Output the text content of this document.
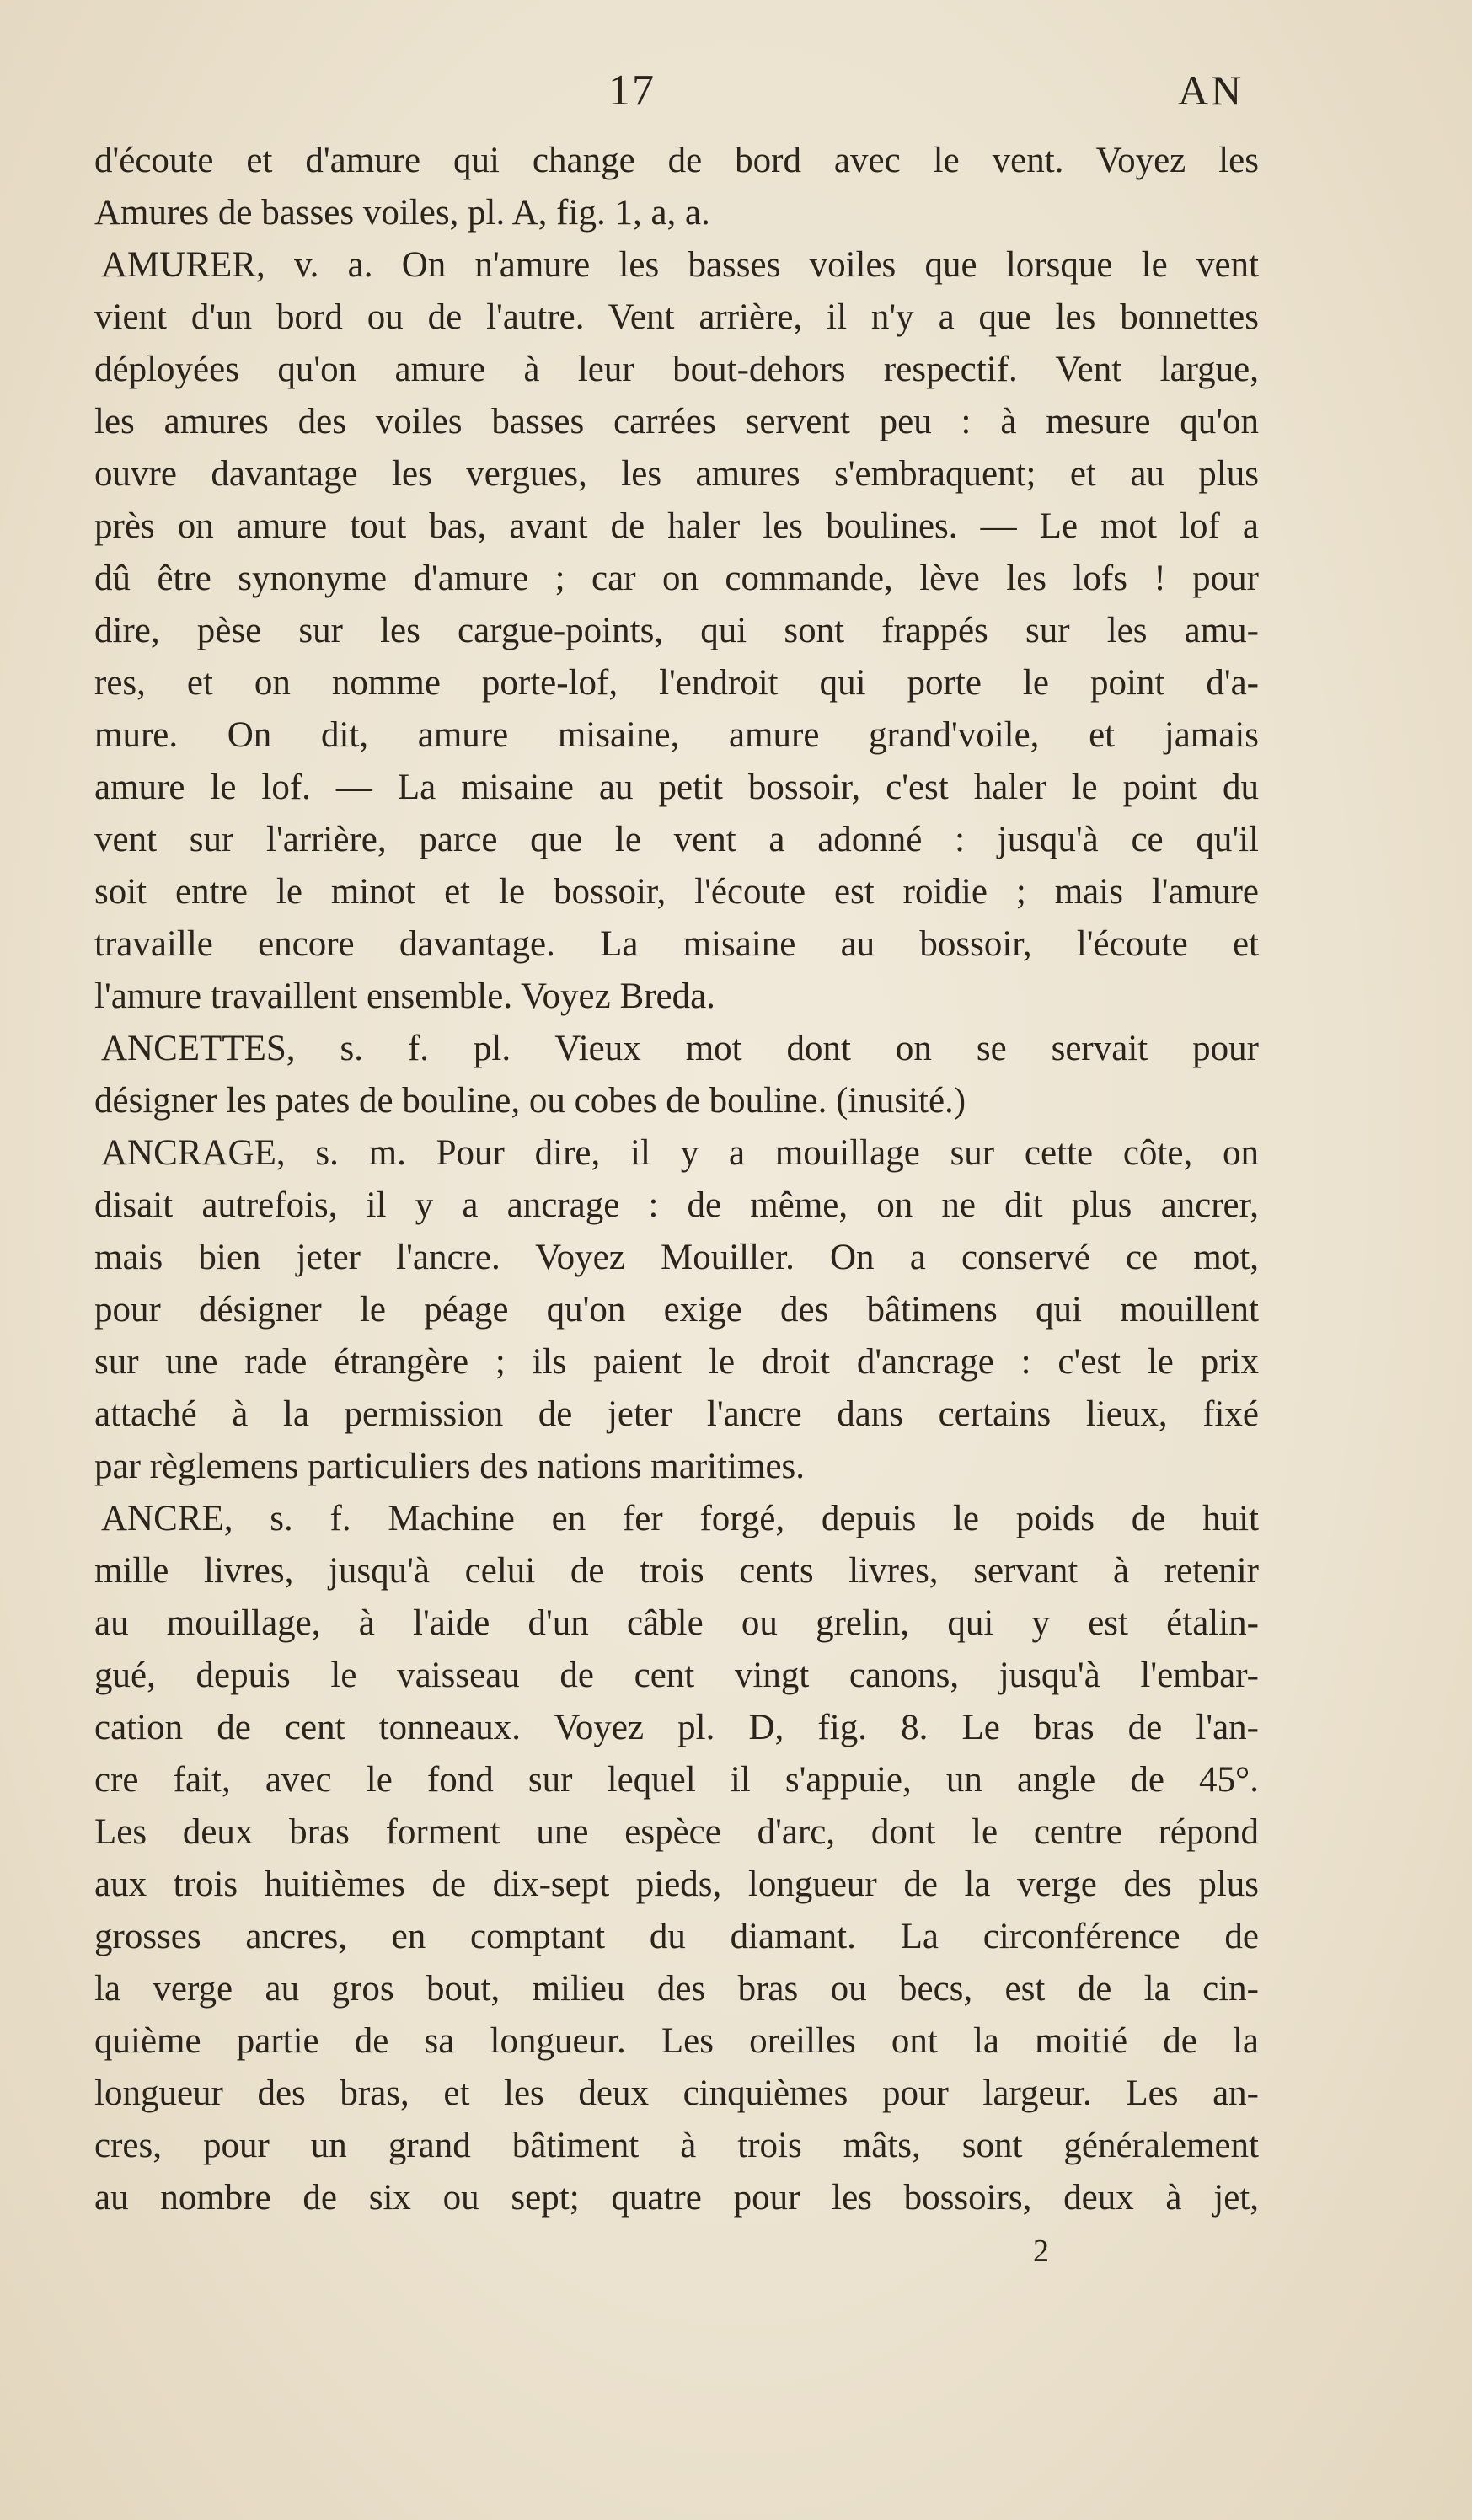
17	AN
d'écoute et d'amure qui change de bord avec le vent. Voyez les
Amures de basses voiles, pl. A, fig. 1, a, a.
AMURER, v. a. On n'amure les basses voiles que lorsque le vent
vient d'un bord ou de l'autre. Vent arrière, il n'y a que les bonnettes
déployées qu'on amure à leur bout-dehors respectif. Vent largue,
les amures des voiles basses carrées servent peu : à mesure qu'on
ouvre davantage les vergues, les amures s'embraquent; et au plus
près on amure tout bas, avant de haler les boulines. — Le mot lof a
dû être synonyme d'amure ; car on commande, lève les lofs ! pour
dire, pèse sur les cargue-points, qui sont frappés sur les amu-
res, et on nomme porte-lof, l'endroit qui porte le point d'a-
mure. On dit, amure misaine, amure grand'voile, et jamais
amure le lof. — La misaine au petit bossoir, c'est haler le point du
vent sur l'arrière, parce que le vent a adonné : jusqu'à ce qu'il
soit entre le minot et le bossoir, l'écoute est roidie ; mais l'amure
travaille encore davantage. La misaine au bossoir, l'écoute et
l'amure travaillent ensemble. Voyez Breda.
ANCETTES, s. f. pl. Vieux mot dont on se servait pour
désigner les pates de bouline, ou cobes de bouline. (inusité.)
ANCRAGE, s. m. Pour dire, il y a mouillage sur cette côte, on
disait autrefois, il y a ancrage : de même, on ne dit plus ancrer,
mais bien jeter l'ancre. Voyez Mouiller. On a conservé ce mot,
pour désigner le péage qu'on exige des bâtimens qui mouillent
sur une rade étrangère ; ils paient le droit d'ancrage : c'est le prix
attaché à la permission de jeter l'ancre dans certains lieux, fixé
par règlemens particuliers des nations maritimes.
ANCRE, s. f. Machine en fer forgé, depuis le poids de huit
mille livres, jusqu'à celui de trois cents livres, servant à retenir
au mouillage, à l'aide d'un câble ou grelin, qui y est étalin-
gué, depuis le vaisseau de cent vingt canons, jusqu'à l'embar-
cation de cent tonneaux. Voyez pl. D, fig. 8. Le bras de l'an-
cre fait, avec le fond sur lequel il s'appuie, un angle de 45°.
Les deux bras forment une espèce d'arc, dont le centre répond
aux trois huitièmes de dix-sept pieds, longueur de la verge des plus
grosses ancres, en comptant du diamant. La circonférence de
la verge au gros bout, milieu des bras ou becs, est de la cin-
quième partie de sa longueur. Les oreilles ont la moitié de la
longueur des bras, et les deux cinquièmes pour largeur. Les an-
cres, pour un grand bâtiment à trois mâts, sont généralement
au nombre de six ou sept; quatre pour les bossoirs, deux à jet,
2
